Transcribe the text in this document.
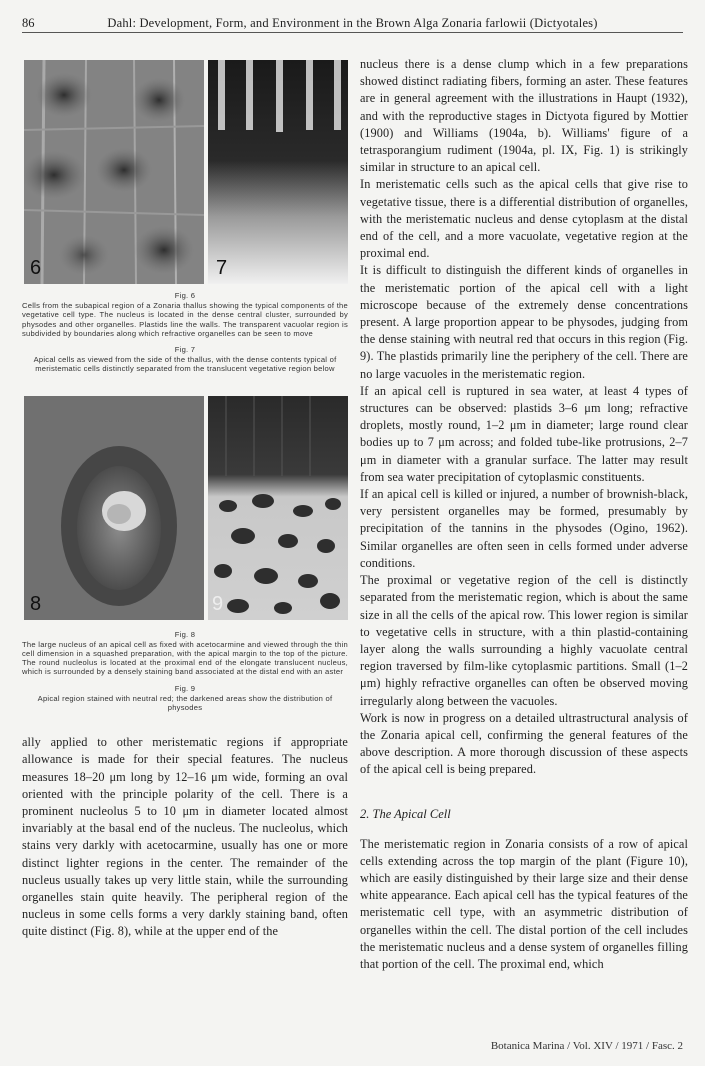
86	Dahl: Development, Form, and Environment in the Brown Alga Zonaria farlowii (Dictyotales)
6	7
Fig. 6
Cells from the subapical region of a Zonaria thallus showing the typical components of the vegetative cell type. The nucleus is located in the dense central cluster, surrounded by physodes and other organelles. Plastids line the walls. The transparent vacuolar region is subdivided by boundaries along which refractive organelles can be seen to move
Fig. 7
Apical cells as viewed from the side of the thallus, with the dense contents typical of meristematic cells distinctly separated from the translucent vegetative region below
8	9
Fig. 8
The large nucleus of an apical cell as fixed with acetocarmine and viewed through the thin cell dimension in a squashed preparation, with the apical margin to the top of the picture. The round nucleolus is located at the proximal end of the elongate translucent nucleus, which is surrounded by a densely staining band associated at the distal end with an aster
Fig. 9
Apical region stained with neutral red; the darkened areas show the distribution of physodes

ally applied to other meristematic regions if appropriate allowance is made for their special features. The nucleus measures 18–20 μm long by 12–16 μm wide, forming an oval oriented with the principle polarity of the cell. There is a prominent nucleolus 5 to 10 μm in diameter located almost invariably at the basal end of the nucleus. The nucleolus, which stains very darkly with acetocarmine, usually has one or more distinct lighter regions in the center. The remainder of the nucleus usually takes up very little stain, while the surrounding organelles stain quite heavily. The peripheral region of the nucleus in some cells forms a very darkly staining band, often quite distinct (Fig. 8), while at the upper end of the

nucleus there is a dense clump which in a few preparations showed distinct radiating fibers, forming an aster. These features are in general agreement with the illustrations in Haupt (1932), and with the reproductive stages in Dictyota figured by Mottier (1900) and Williams (1904a, b). Williams' figure of a tetrasporangium rudiment (1904a, pl. IX, Fig. 1) is strikingly similar in structure to an apical cell.

In meristematic cells such as the apical cells that give rise to vegetative tissue, there is a differential distribution of organelles, with the meristematic nucleus and dense cytoplasm at the distal end of the cell, and a more vacuolate, vegetative region at the proximal end.

It is difficult to distinguish the different kinds of organelles in the meristematic portion of the apical cell with a light microscope because of the extremely dense concentrations present. A large proportion appear to be physodes, judging from the dense staining with neutral red that occurs in this region (Fig. 9). The plastids primarily line the periphery of the cell. There are no large vacuoles in the meristematic region.

If an apical cell is ruptured in sea water, at least 4 types of structures can be observed: plastids 3–6 μm long; refractive droplets, mostly round, 1–2 μm in diameter; large round clear bodies up to 7 μm across; and folded tube-like protrusions, 2–7 μm in diameter with a granular surface. The latter may result from sea water precipitation of cytoplasmic constituents.

If an apical cell is killed or injured, a number of brownish-black, very persistent organelles may be formed, presumably by precipitation of the tannins in the physodes (Ogino, 1962). Similar organelles are often seen in cells formed under adverse conditions.

The proximal or vegetative region of the cell is distinctly separated from the meristematic region, which is about the same size in all the cells of the apical row. This lower region is similar to vegetative cells in structure, with a thin plastid-containing layer along the walls surrounding a highly vacuolate central region traversed by film-like cytoplasmic partitions. Small (1–2 μm) highly refractive organelles can often be observed moving irregularly along between the vacuoles.

Work is now in progress on a detailed ultrastructural analysis of the Zonaria apical cell, confirming the general features of the above description. A more thorough discussion of these aspects of the apical cell is being prepared.

2. The Apical Cell

The meristematic region in Zonaria consists of a row of apical cells extending across the top margin of the plant (Figure 10), which are easily distinguished by their large size and their dense white appearance. Each apical cell has the typical features of the meristematic cell type, with an asymmetric distribution of organelles within the cell. The distal portion of the cell includes the meristematic nucleus and a dense system of organelles filling that portion of the cell. The proximal end, which

Botanica Marina / Vol. XIV / 1971 / Fasc. 2
